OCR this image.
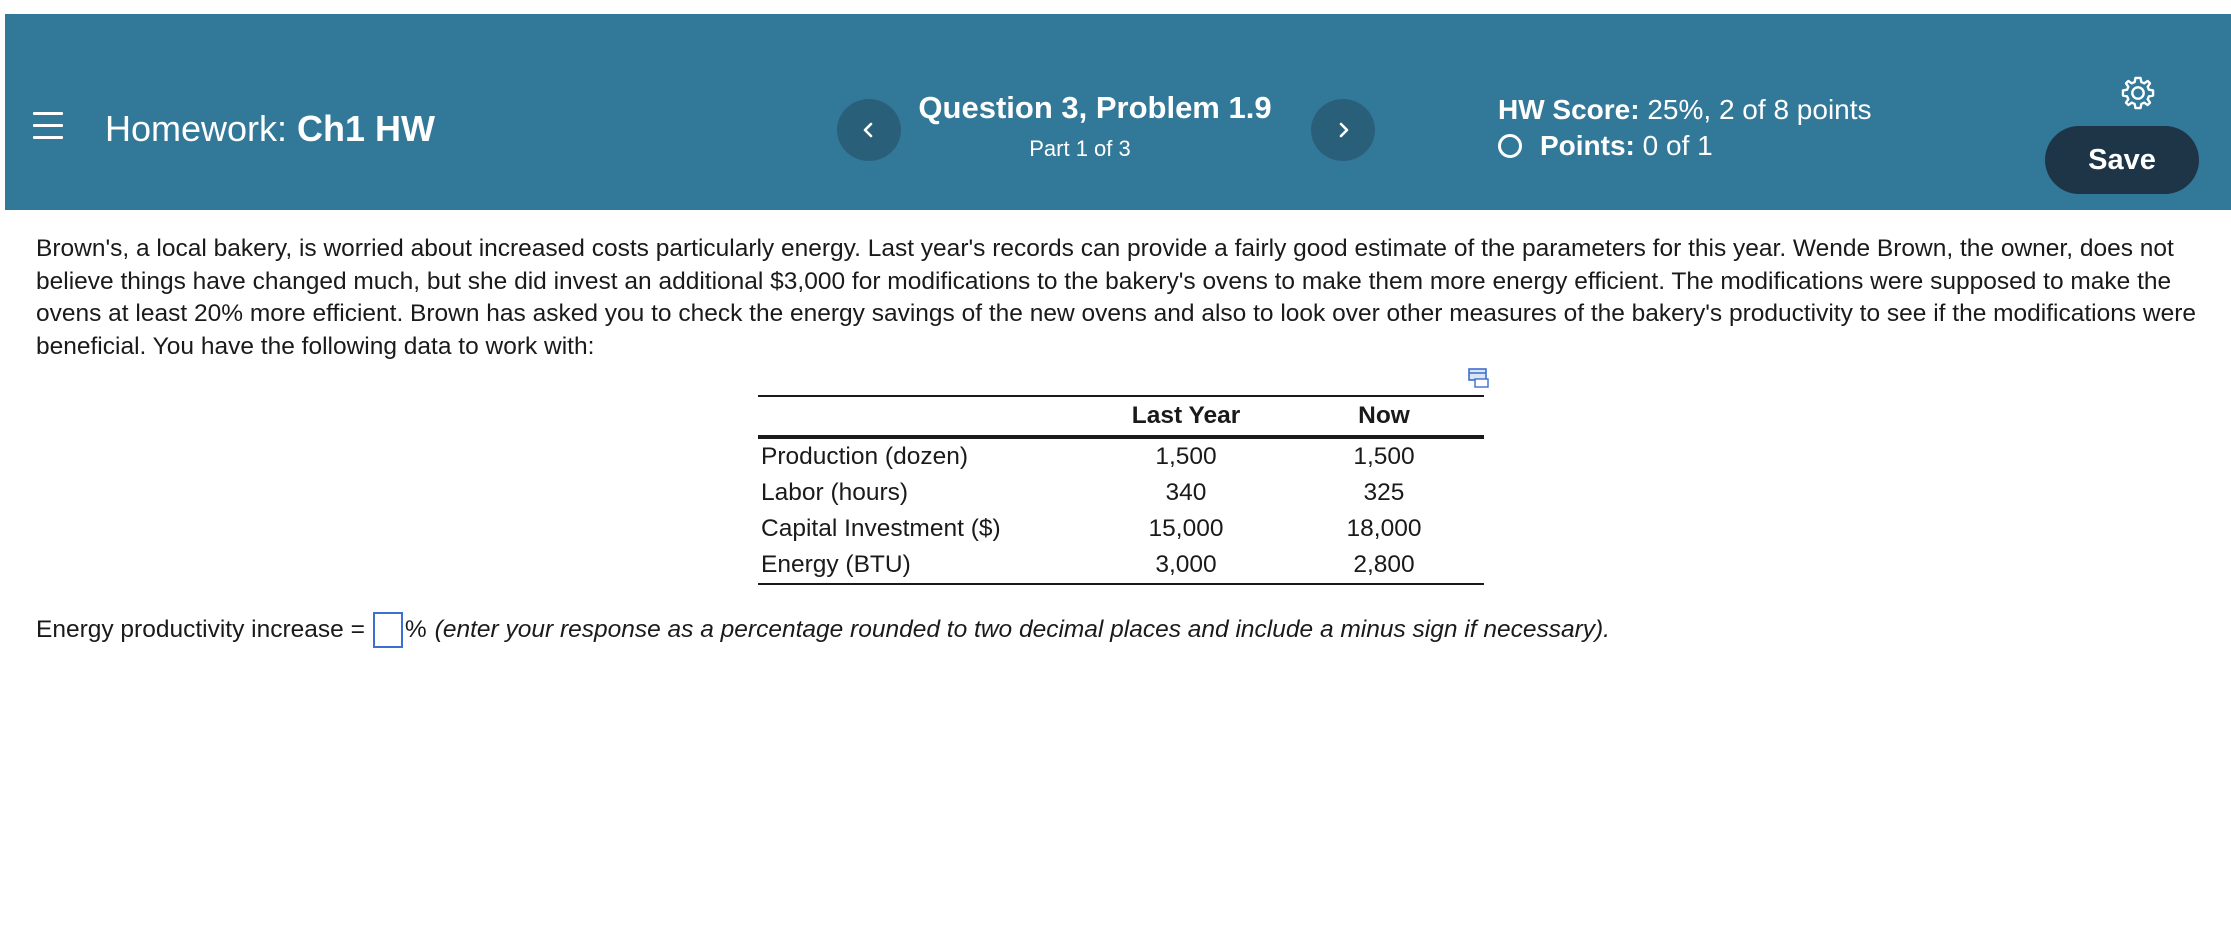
Homework: Ch1 HW
Question 3, Problem 1.9
Part 1 of 3
HW Score: 25%, 2 of 8 points
Points:
0 of 1	Save
Brown's, a local bakery, is worried about increased costs particularly energy. Last year's records can provide a fairly good estimate of the parameters for this year. Wende Brown, the owner, does not believe things have changed much, but she did invest an additional $3,000 for modifications to the bakery's ovens to make them more energy efficient. The modifications were supposed to make the ovens at least 20% more efficient. Brown has asked you to check the energy savings of the new ovens and also to look over other measures of the bakery's productivity to see if the modifications were beneficial. You have the following data to work with:
	Last Year	Now
Production (dozen)	1,500	1,500
Labor (hours)	340	325
Capital Investment ($)	15,000	18,000
Energy (BTU)	3,000	2,800
Energy productivity increase = % (enter your response as a percentage rounded to two decimal places and include a minus sign if necessary).
